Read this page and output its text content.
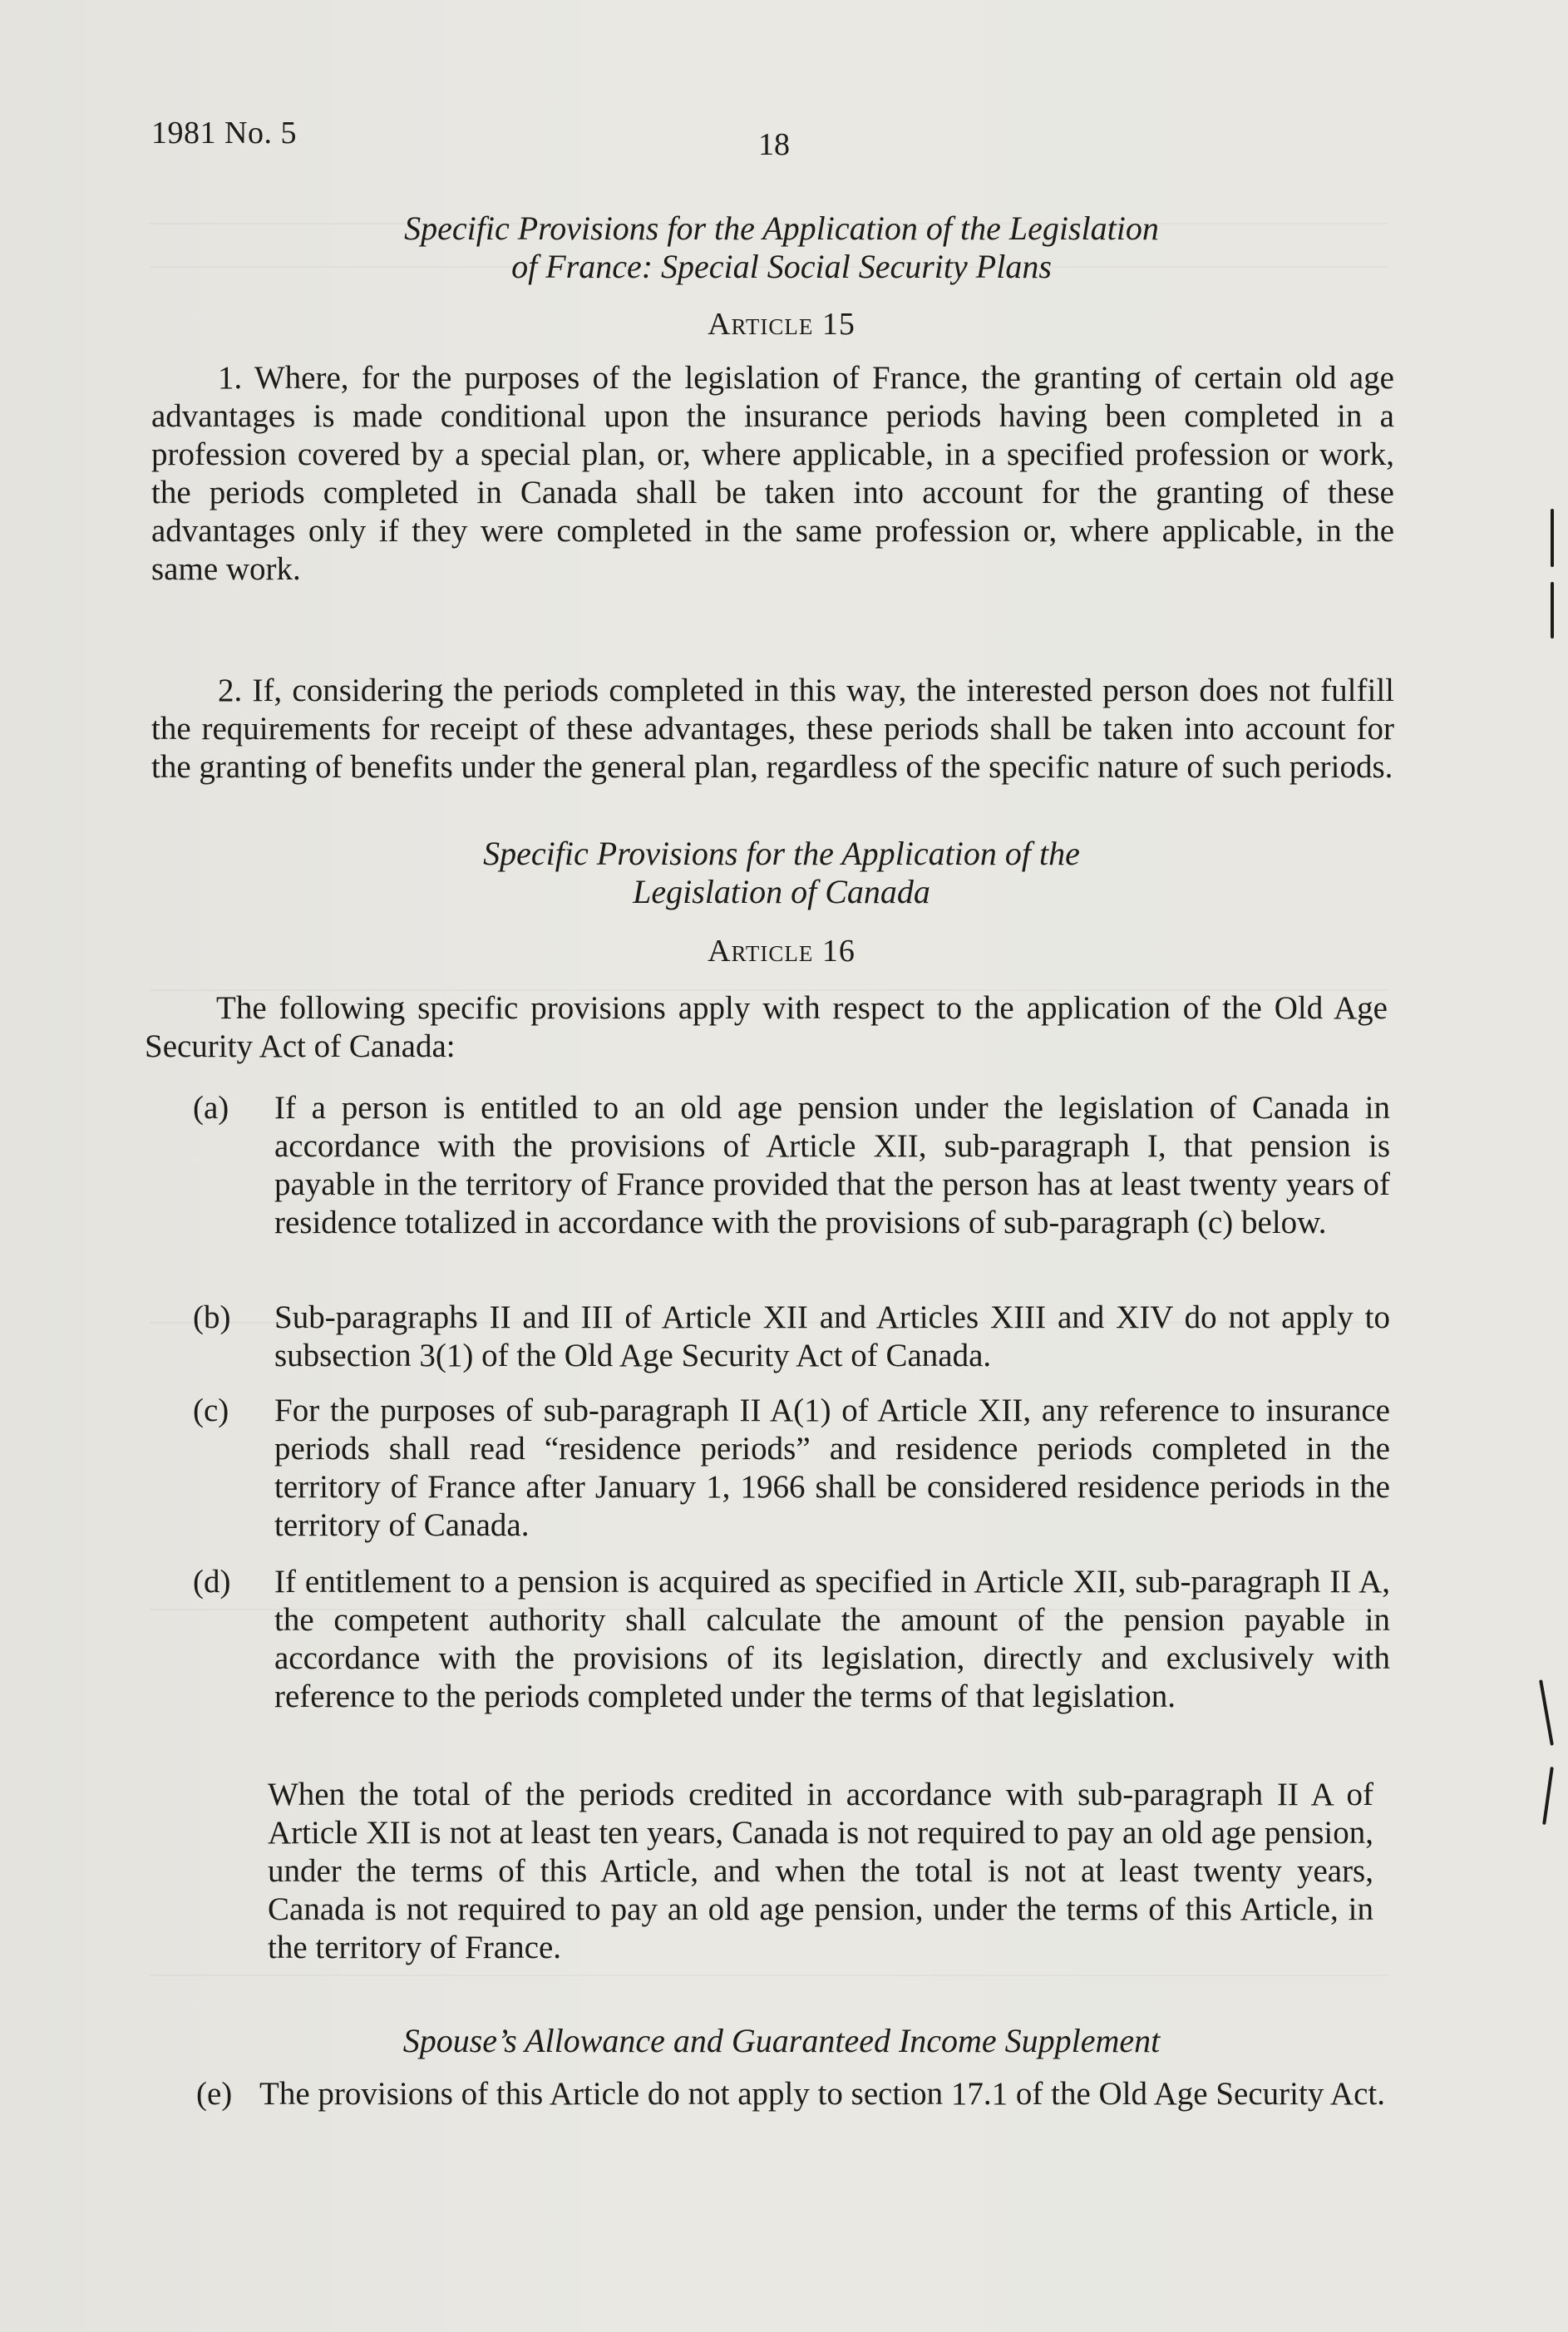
1981 No. 5	18
Specific Provisions for the Application of the Legislation
of France: Special Social Security Plans
Article 15
1. Where, for the purposes of the legislation of France, the granting of certain old age advantages is made conditional upon the insurance periods having been completed in a profession covered by a special plan, or, where applicable, in a specified profession or work, the periods completed in Canada shall be taken into account for the granting of these advantages only if they were completed in the same profession or, where applicable, in the same work.
2. If, considering the periods completed in this way, the interested person does not fulfill the requirements for receipt of these advantages, these periods shall be taken into account for the granting of benefits under the general plan, regardless of the specific nature of such periods.
Specific Provisions for the Application of the
Legislation of Canada
Article 16
The following specific provisions apply with respect to the application of the Old Age Security Act of Canada:
(a)	If a person is entitled to an old age pension under the legislation of Canada in accordance with the provisions of Article XII, sub-paragraph I, that pension is payable in the territory of France provided that the person has at least twenty years of residence totalized in accordance with the provisions of sub-paragraph (c) below.
(b)	Sub-paragraphs II and III of Article XII and Articles XIII and XIV do not apply to subsection 3(1) of the Old Age Security Act of Canada.
(c)	For the purposes of sub-paragraph II A(1) of Article XII, any reference to insurance periods shall read “residence periods” and residence periods completed in the territory of France after January 1, 1966 shall be considered residence periods in the territory of Canada.
(d)	If entitlement to a pension is acquired as specified in Article XII, sub-paragraph II A, the competent authority shall calculate the amount of the pension payable in accordance with the provisions of its legislation, directly and exclusively with reference to the periods completed under the terms of that legislation.
When the total of the periods credited in accordance with sub-paragraph II A of Article XII is not at least ten years, Canada is not required to pay an old age pension, under the terms of this Article, and when the total is not at least twenty years, Canada is not required to pay an old age pension, under the terms of this Article, in the territory of France.
Spouse’s Allowance and Guaranteed Income Supplement
(e) The provisions of this Article do not apply to section 17.1 of the Old Age Security Act.
